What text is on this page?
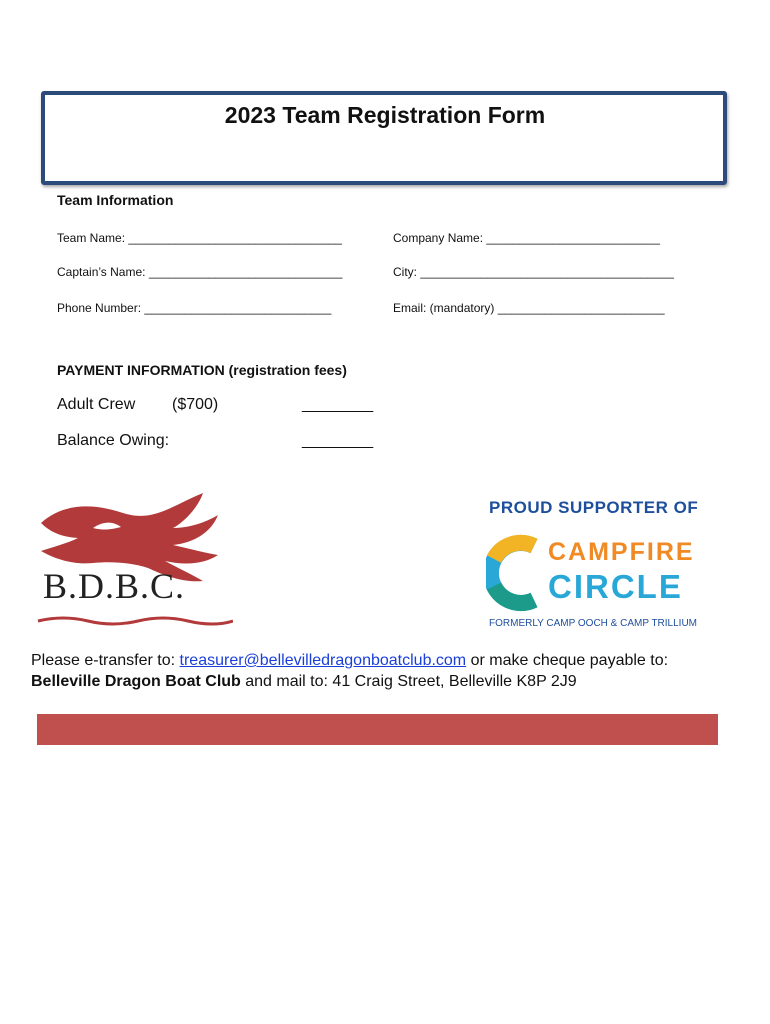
2023 Team Registration Form
Team Information
Team Name: ________________________________	Company Name: __________________________
Captain’s Name: _____________________________	City: ______________________________________
Phone Number: ____________________________	Email: (mandatory) _________________________
PAYMENT INFORMATION (registration fees)
Adult Crew ($700)	________
Balance Owing:	________
B.D.B.C.
PROUD SUPPORTER OF
CAMPFIRE
CIRCLE
FORMERLY CAMP OOCH & CAMP TRILLIUM
Please e-transfer to: treasurer@bellevilledragonboatclub.com or make cheque payable to:
Belleville Dragon Boat Club and mail to: 41 Craig Street, Belleville K8P 2J9
